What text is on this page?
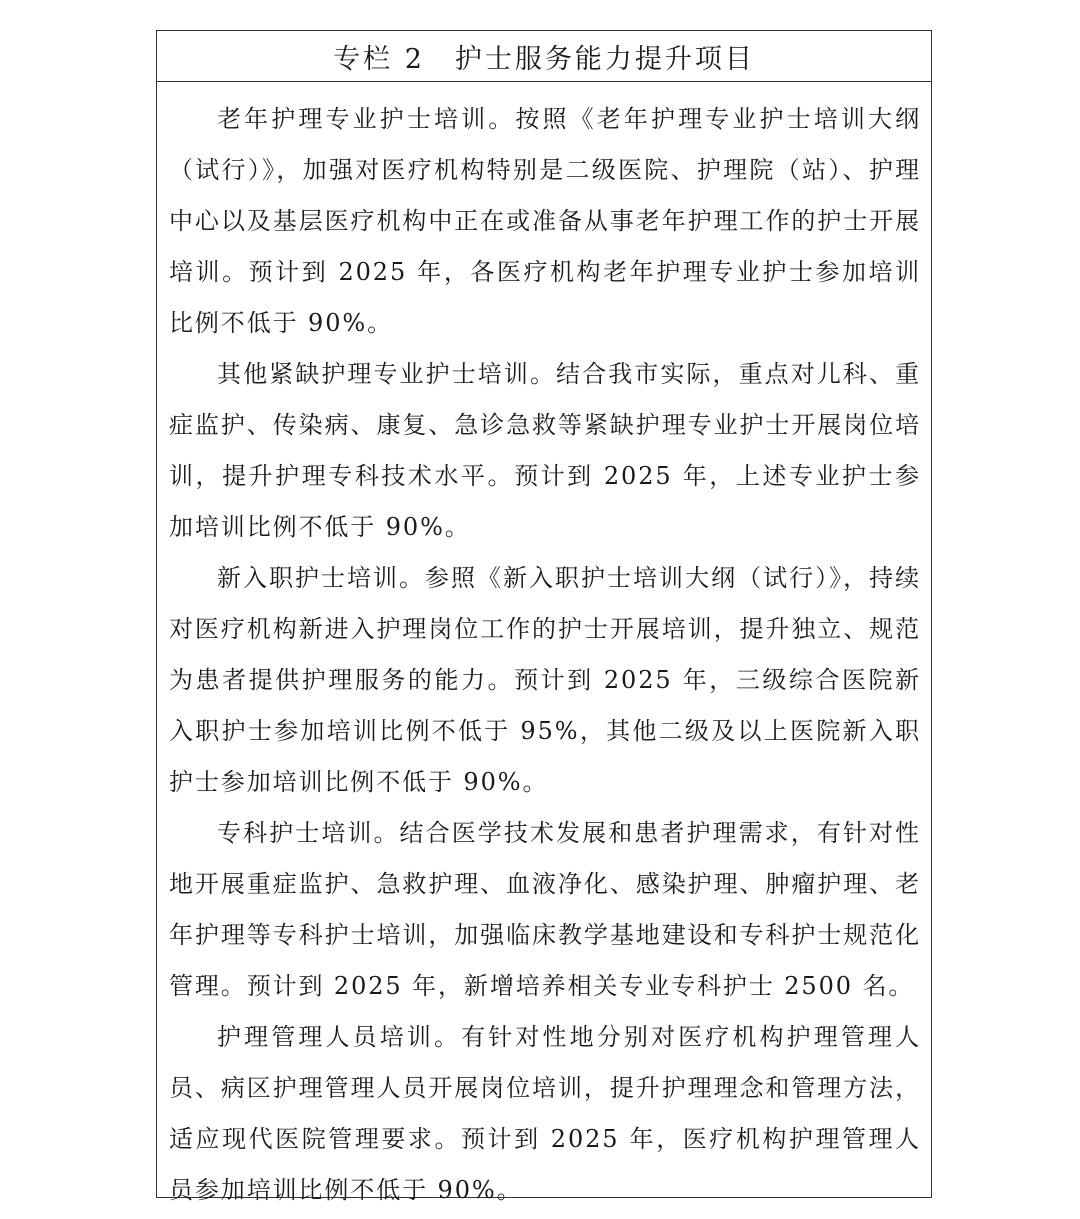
专栏 2　护士服务能力提升项目

老年护理专业护士培训。按照《老年护理专业护士培训大纲（试行）》，加强对医疗机构特别是二级医院、护理院（站）、护理中心以及基层医疗机构中正在或准备从事老年护理工作的护士开展培训。预计到 2025 年，各医疗机构老年护理专业护士参加培训比例不低于 90%。

其他紧缺护理专业护士培训。结合我市实际，重点对儿科、重症监护、传染病、康复、急诊急救等紧缺护理专业护士开展岗位培训，提升护理专科技术水平。预计到 2025 年，上述专业护士参加培训比例不低于 90%。

新入职护士培训。参照《新入职护士培训大纲（试行）》，持续对医疗机构新进入护理岗位工作的护士开展培训，提升独立、规范为患者提供护理服务的能力。预计到 2025 年，三级综合医院新入职护士参加培训比例不低于 95%，其他二级及以上医院新入职护士参加培训比例不低于 90%。

专科护士培训。结合医学技术发展和患者护理需求，有针对性地开展重症监护、急救护理、血液净化、感染护理、肿瘤护理、老年护理等专科护士培训，加强临床教学基地建设和专科护士规范化管理。预计到 2025 年，新增培养相关专业专科护士 2500 名。

护理管理人员培训。有针对性地分别对医疗机构护理管理人员、病区护理管理人员开展岗位培训，提升护理理念和管理方法，适应现代医院管理要求。预计到 2025 年，医疗机构护理管理人员参加培训比例不低于 90%。
